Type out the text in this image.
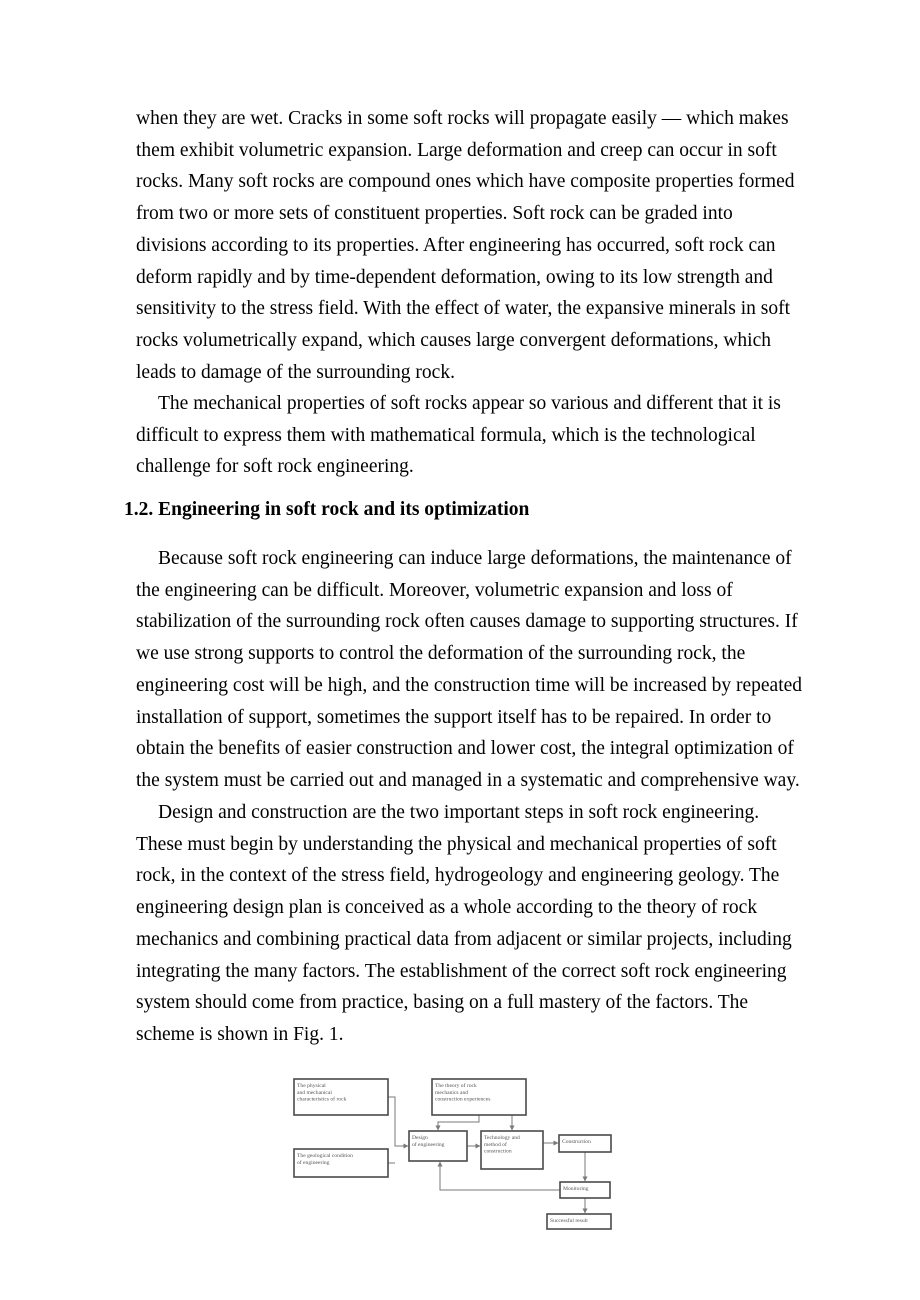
when they are wet. Cracks in some soft rocks will propagate easily — which makes
them exhibit volumetric expansion. Large deformation and creep can occur in soft
rocks. Many soft rocks are compound ones which have composite properties formed
from two or more sets of constituent properties. Soft rock can be graded into
divisions according to its properties. After engineering has occurred, soft rock can
deform rapidly and by time-dependent deformation, owing to its low strength and
sensitivity to the stress field. With the effect of water, the expansive minerals in soft
rocks volumetrically expand, which causes large convergent deformations, which
leads to damage of the surrounding rock.

The mechanical properties of soft rocks appear so various and different that it is
difficult to express them with mathematical formula, which is the technological
challenge for soft rock engineering.

1.2. Engineering in soft rock and its optimization

Because soft rock engineering can induce large deformations, the maintenance of
the engineering can be difficult. Moreover, volumetric expansion and loss of
stabilization of the surrounding rock often causes damage to supporting structures. If
we use strong supports to control the deformation of the surrounding rock, the
engineering cost will be high, and the construction time will be increased by repeated
installation of support, sometimes the support itself has to be repaired. In order to
obtain the benefits of easier construction and lower cost, the integral optimization of
the system must be carried out and managed in a systematic and comprehensive way.

Design and construction are the two important steps in soft rock engineering.
These must begin by understanding the physical and mechanical properties of soft
rock, in the context of the stress field, hydrogeology and engineering geology. The
engineering design plan is conceived as a whole according to the theory of rock
mechanics and combining practical data from adjacent or similar projects, including
integrating the many factors. The establishment of the correct soft rock engineering
system should come from practice, basing on a full mastery of the factors. The
scheme is shown in Fig. 1.

The physical
and mechanical
characteristics of rock
The theory of rock
mechanics and
construction experiences
The geological condition
of engineering
Design
of engineering
Technology and
method of
construction
Construction
Monitoring
Successful result
